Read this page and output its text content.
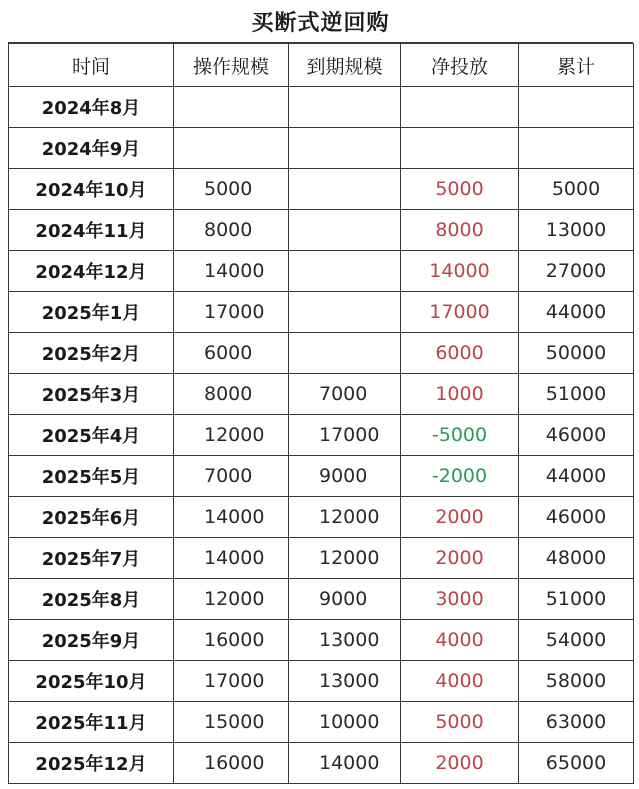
买断式逆回购
时间	操作规模	到期规模	净投放	累计
2024年8月				
2024年9月				
2024年10月	5000		5000	5000
2024年11月	8000		8000	13000
2024年12月	14000		14000	27000
2025年1月	17000		17000	44000
2025年2月	6000		6000	50000
2025年3月	8000	7000	1000	51000
2025年4月	12000	17000	-5000	46000
2025年5月	7000	9000	-2000	44000
2025年6月	14000	12000	2000	46000
2025年7月	14000	12000	2000	48000
2025年8月	12000	9000	3000	51000
2025年9月	16000	13000	4000	54000
2025年10月	17000	13000	4000	58000
2025年11月	15000	10000	5000	63000
2025年12月	16000	14000	2000	65000
